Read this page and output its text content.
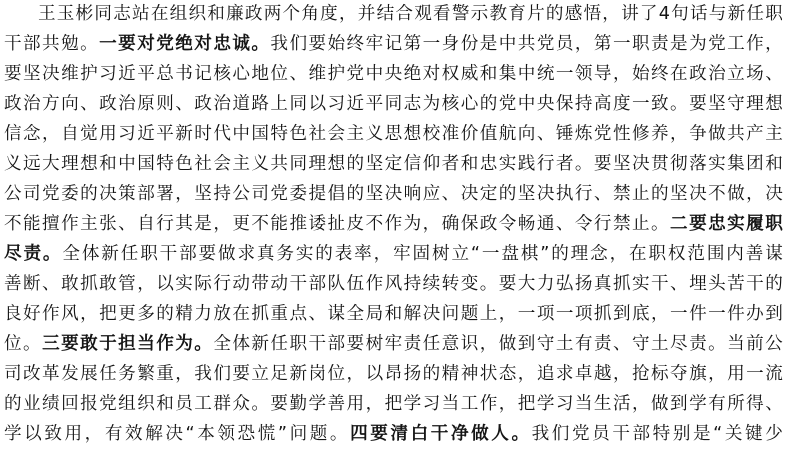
王玉彬同志站在组织和廉政两个角度，并结合观看警示教育片的感悟，讲了4句话与新任职
干部共勉。一要对党绝对忠诚。我们要始终牢记第一身份是中共党员，第一职责是为党工作，
要坚决维护习近平总书记核心地位、维护党中央绝对权威和集中统一领导，始终在政治立场、
政治方向、政治原则、政治道路上同以习近平同志为核心的党中央保持高度一致。要坚守理想
信念，自觉用习近平新时代中国特色社会主义思想校准价值航向、锤炼党性修养，争做共产主
义远大理想和中国特色社会主义共同理想的坚定信仰者和忠实践行者。要坚决贯彻落实集团和
公司党委的决策部署，坚持公司党委提倡的坚决响应、决定的坚决执行、禁止的坚决不做，决
不能擅作主张、自行其是，更不能推诿扯皮不作为，确保政令畅通、令行禁止。二要忠实履职
尽责。全体新任职干部要做求真务实的表率，牢固树立“一盘棋”的理念，在职权范围内善谋
善断、敢抓敢管，以实际行动带动干部队伍作风持续转变。要大力弘扬真抓实干、埋头苦干的
良好作风，把更多的精力放在抓重点、谋全局和解决问题上，一项一项抓到底，一件一件办到
位。三要敢于担当作为。全体新任职干部要树牢责任意识，做到守土有责、守土尽责。当前公
司改革发展任务繁重，我们要立足新岗位，以昂扬的精神状态，追求卓越，抢标夺旗，用一流
的业绩回报党组织和员工群众。要勤学善用，把学习当工作，把学习当生活，做到学有所得、
学以致用，有效解决“本领恐慌”问题。四要清白干净做人。我们党员干部特别是“关键少
